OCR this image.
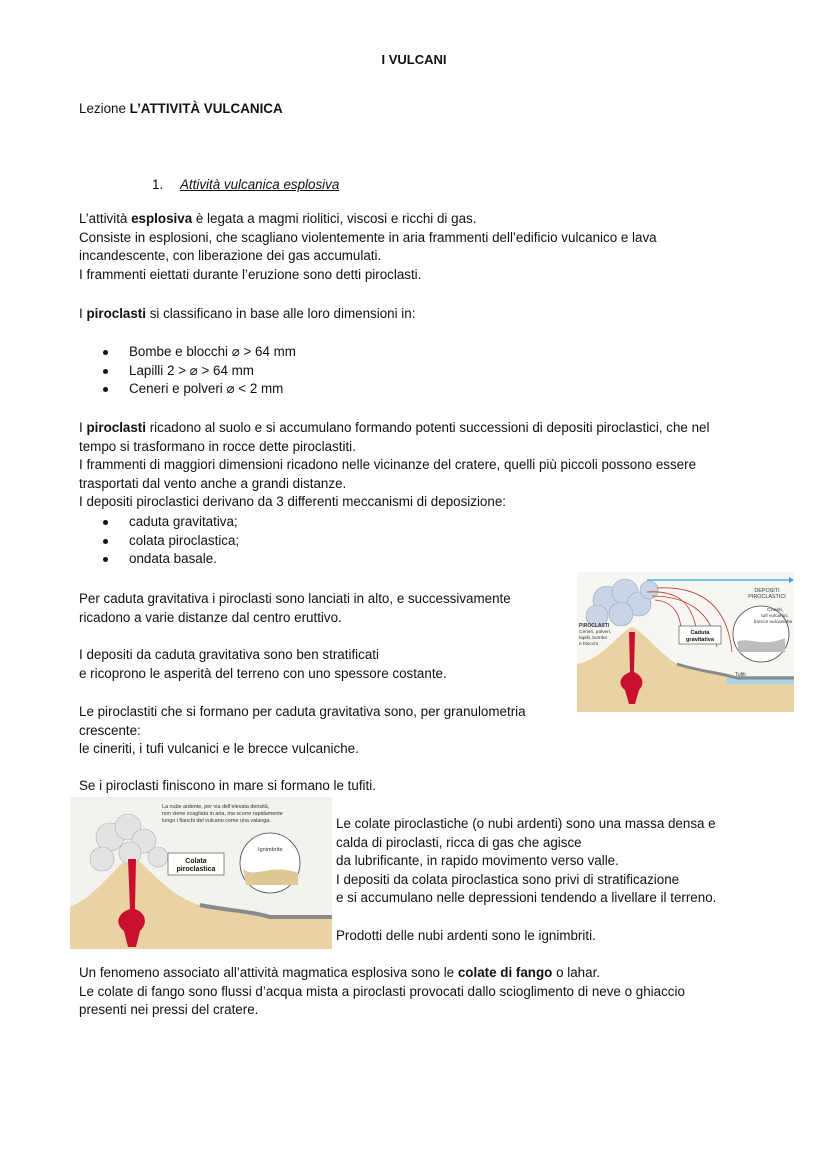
I VULCANI
Lezione L’ATTIVITÀ VULCANICA
1. Attività vulcanica esplosiva

L’attività esplosiva è legata a magmi riolitici, viscosi e ricchi di gas.

Consiste in esplosioni, che scagliano violentemente in aria frammenti dell’edificio vulcanico e lava

incandescente, con liberazione dei gas accumulati.

I frammenti eiettati durante l’eruzione sono detti piroclasti.

I piroclasti si classificano in base alle loro dimensioni in:

Bombe e blocchi ⌀ > 64 mm
Lapilli 2 > ⌀ > 64 mm
Ceneri e polveri ⌀ < 2 mm

I piroclasti ricadono al suolo e si accumulano formando potenti successioni di depositi piroclastici, che nel

tempo si trasformano in rocce dette piroclastiti.

I frammenti di maggiori dimensioni ricadono nelle vicinanze del cratere, quelli più piccoli possono essere

trasportati dal vento anche a grandi distanze.

I depositi piroclastici derivano da 3 differenti meccanismi di deposizione:

caduta gravitativa;
colata piroclastica;
ondata basale.

Per caduta gravitativa i piroclasti sono lanciati in alto, e successivamente

ricadono a varie distanze dal centro eruttivo.

I depositi da caduta gravitativa sono ben stratificati

e ricoprono le asperità del terreno con uno spessore costante.

Le piroclastiti che si formano per caduta gravitativa sono, per granulometria

crescente:

le cineriti, i tufi vulcanici e le brecce vulcaniche.

Se i piroclasti finiscono in mare si formano le tufiti.

DEPOSITI
PIROCLASTICI
Cineriti,
tufi vulcanici,
brecce vulcaniche
PIROCLASTI
Ceneri, polveri,
lapilli, bombe
e blocchi
Caduta
gravitativa
Tufiti
La nube ardente, per via dell’elevata densità,
non viene scagliata in aria, ma scorre rapidamente
lungo i fianchi del vulcano come una valanga.
Colata
piroclastica
Ignimbrite

Le colate piroclastiche (o nubi ardenti) sono una massa densa e

calda di piroclasti, ricca di gas che agisce

da lubrificante, in rapido movimento verso valle.

I depositi da colata piroclastica sono privi di stratificazione

e si accumulano nelle depressioni tendendo a livellare il terreno.

Prodotti delle nubi ardenti sono le ignimbriti.

Un fenomeno associato all’attività magmatica esplosiva sono le colate di fango o lahar.

Le colate di fango sono flussi d’acqua mista a piroclasti provocati dallo scioglimento di neve o ghiaccio

presenti nei pressi del cratere.
